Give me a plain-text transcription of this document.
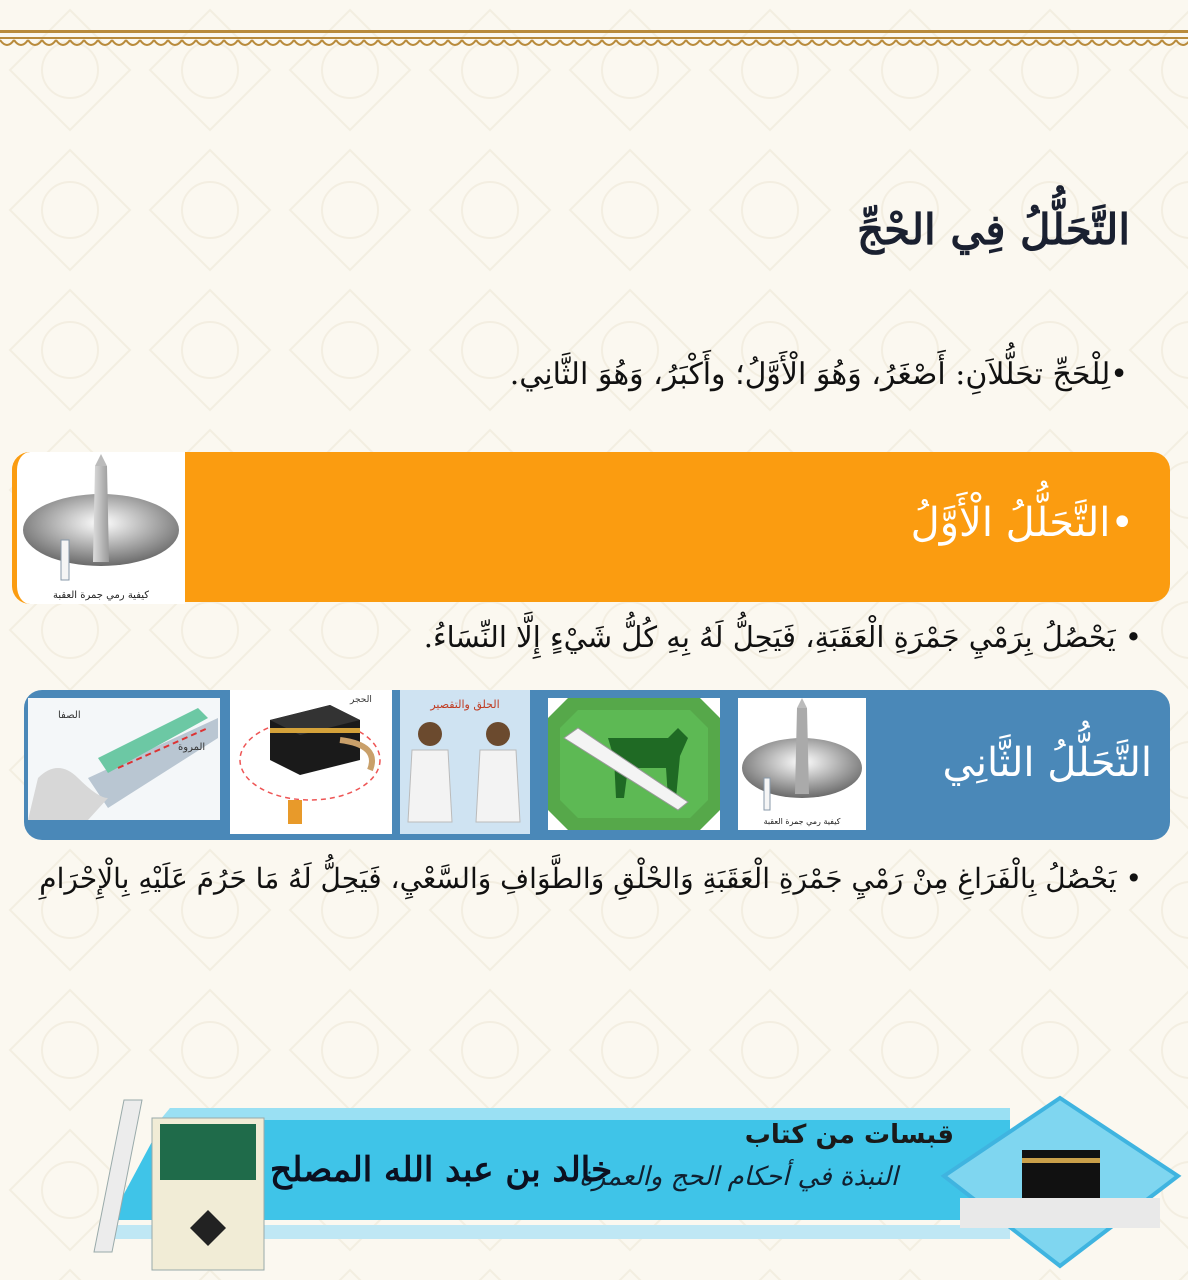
التَّحَلُّلُ فِي الحْجِّ
•لِلْحَجِّ تحَلُّلاَنِ: أَصْغَرُ، وَهُوَ الْأَوَّلُ؛ وأَكْبَرُ، وَهُوَ الثَّانِي.
•التَّحَلُّلُ الْأَوَّلُ
كيفية رمي جمرة العقبة
• يَحْصُلُ بِرَمْيِ جَمْرَةِ الْعَقَبَةِ، فَيَحِلُّ لَهُ بِهِ كُلُّ شَيْءٍ إِلَّا النِّسَاءُ.
التَّحَلُّلُ الثَّانِي
الصفا
المروة
الحجر	الحلق والتقصير
كيفية رمي جمرة العقبة
• يَحْصُلُ بِالْفَرَاغِ مِنْ رَمْيِ جَمْرَةِ الْعَقَبَةِ وَالحْلْقِ وَالطَّوَافِ وَالسَّعْيِ، فَيَحِلُّ لَهُ مَا حَرُمَ عَلَيْهِ بِالْإِحْرَامِ
قبسات من كتاب
النبذة في أحكام الحج والعمرة
خالد بن عبد الله المصلح
